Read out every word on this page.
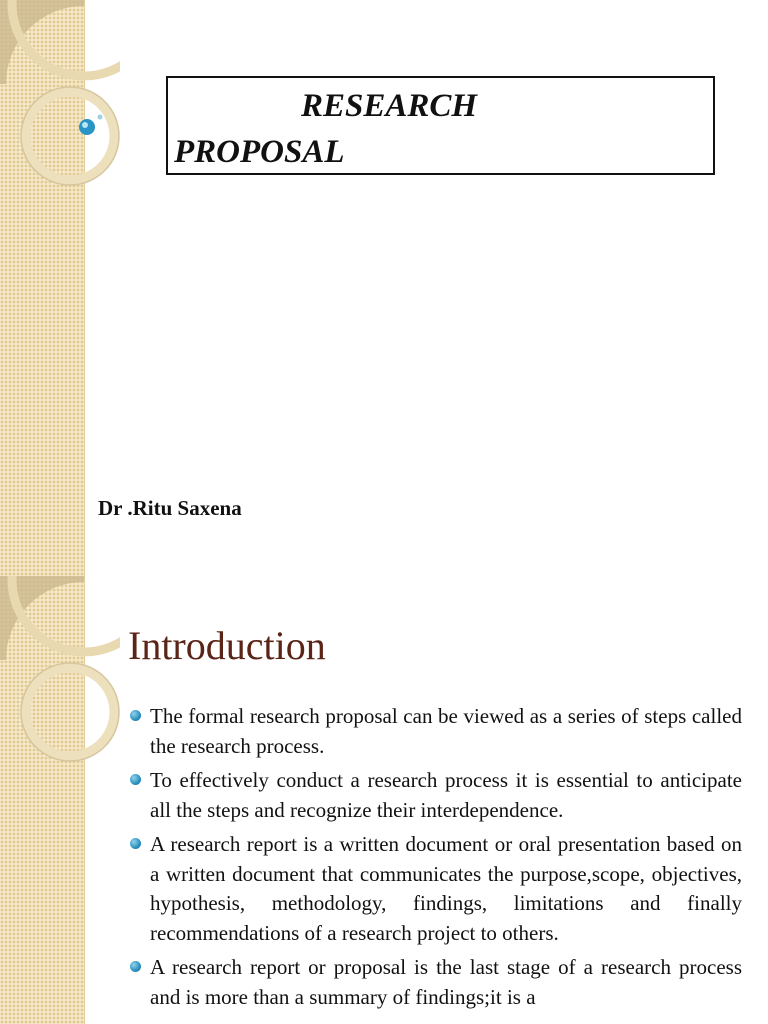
RESEARCH
PROPOSAL
Dr .Ritu Saxena
Introduction
The formal research proposal can be viewed as a series of steps called the research process.
To effectively conduct a research process it is essential to anticipate all the steps and recognize their interdependence.
A research report is a written document or oral presentation based on a written document that communicates the purpose,scope, objectives, hypothesis, methodology, findings, limitations and finally recommendations of a research project to others.
A research report or proposal is the last stage of a research process and is more than a summary of findings;it is a
